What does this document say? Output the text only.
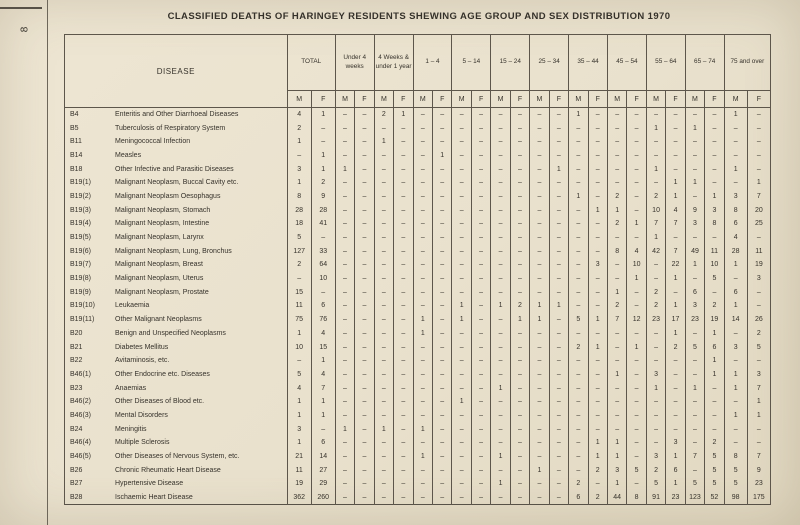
8
CLASSIFIED DEATHS OF HARINGEY RESIDENTS SHEWING AGE GROUP AND SEX DISTRIBUTION 1970
DISEASE	TOTAL		Under 4 weeks		4 Weeks & under 1 year		1 – 4		5 – 14		15 – 24		25 – 34		35 – 44		45 – 54		55 – 64		65 – 74		75 and over	
	M	F	M	F	M	F	M	F	M	F	M	F	M	F	M	F	M	F	M	F	M	F	M	F
B4 Enteritis and Other Diarrhoeal Diseases	4	1	–	–	2	1	–	–	–	–	–	–	–	–	1	–	–	–	–	–	–	–	1	–
B5 Tuberculosis of Respiratory System	2	–	–	–	–	–	–	–	–	–	–	–	–	–	–	–	–	–	1	–	1	–	–	–
B11 Meningococcal Infection	1	–	–	–	1	–	–	–	–	–	–	–	–	–	–	–	–	–	–	–	–	–	–	–
B14 Measles	–	1	–	–	–	–	–	1	–	–	–	–	–	–	–	–	–	–	–	–	–	–	–	–
B18 Other Infective and Parasitic Diseases	3	1	1	–	–	–	–	–	–	–	–	–	–	1	–	–	–	–	1	–	–	–	1	–
B19(1) Malignant Neoplasm, Buccal Cavity etc.	1	2	–	–	–	–	–	–	–	–	–	–	–	–	–	–	–	–	–	1	1	–	–	1
B19(2) Malignant Neoplasm Oesophagus	8	9	–	–	–	–	–	–	–	–	–	–	–	–	1	–	2	–	2	1	–	1	3	7
B19(3) Malignant Neoplasm, Stomach	28	28	–	–	–	–	–	–	–	–	–	–	–	–	–	1	1	–	10	4	9	3	8	20
B19(4) Malignant Neoplasm, Intestine	18	41	–	–	–	–	–	–	–	–	–	–	–	–	–	–	2	1	7	7	3	8	6	25
B19(5) Malignant Neoplasm, Larynx	5	–	–	–	–	–	–	–	–	–	–	–	–	–	–	–	–	–	1	–	–	–	4	–
B19(6) Malignant Neoplasm, Lung, Bronchus	127	33	–	–	–	–	–	–	–	–	–	–	–	–	–	–	8	4	42	7	49	11	28	11
B19(7) Malignant Neoplasm, Breast	2	64	–	–	–	–	–	–	–	–	–	–	–	–	–	3	–	10	–	22	1	10	1	19
B19(8) Malignant Neoplasm, Uterus	–	10	–	–	–	–	–	–	–	–	–	–	–	–	–	–	–	1	–	1	–	5	–	3
B19(9) Malignant Neoplasm, Prostate	15	–	–	–	–	–	–	–	–	–	–	–	–	–	–	–	1	–	2	–	6	–	6	–
B19(10) Leukaemia	11	6	–	–	–	–	–	–	1	–	1	2	1	1	–	–	2	–	2	1	3	2	1	–
B19(11) Other Malignant Neoplasms	75	76	–	–	–	–	1	–	1	–	–	1	1	–	5	1	7	12	23	17	23	19	14	26
B20 Benign and Unspecified Neoplasms	1	4	–	–	–	–	1	–	–	–	–	–	–	–	–	–	–	–	–	1	–	1	–	2
B21 Diabetes Mellitus	10	15	–	–	–	–	–	–	–	–	–	–	–	–	2	1	–	1	–	2	5	6	3	5
B22 Avitaminosis, etc.	–	1	–	–	–	–	–	–	–	–	–	–	–	–	–	–	–	–	–	–	–	1	–	–
B46(1) Other Endocrine etc. Diseases	5	4	–	–	–	–	–	–	–	–	–	–	–	–	–	–	1	–	3	–	–	1	1	3
B23 Anaemias	4	7	–	–	–	–	–	–	–	–	1	–	–	–	–	–	–	–	1	–	1	–	1	7
B46(2) Other Diseases of Blood etc.	1	1	–	–	–	–	–	–	1	–	–	–	–	–	–	–	–	–	–	–	–	–	–	1
B46(3) Mental Disorders	1	1	–	–	–	–	–	–	–	–	–	–	–	–	–	–	–	–	–	–	–	–	1	1
B24 Meningitis	3	–	1	–	1	–	1	–	–	–	–	–	–	–	–	–	–	–	–	–	–	–	–	–
B46(4) Multiple Sclerosis	1	6	–	–	–	–	–	–	–	–	–	–	–	–	–	1	1	–	–	3	–	2	–	–
B46(5) Other Diseases of Nervous System, etc.	21	14	–	–	–	–	1	–	–	–	1	–	–	–	–	1	1	–	3	1	7	5	8	7
B26 Chronic Rheumatic Heart Disease	11	27	–	–	–	–	–	–	–	–	–	–	1	–	–	2	3	5	2	6	–	5	5	9
B27 Hypertensive Disease	19	29	–	–	–	–	–	–	–	–	1	–	–	–	2	–	1	–	5	1	5	5	5	23
B28 Ischaemic Heart Disease	362	260	–	–	–	–	–	–	–	–	–	–	–	–	6	2	44	8	91	23	123	52	98	175
